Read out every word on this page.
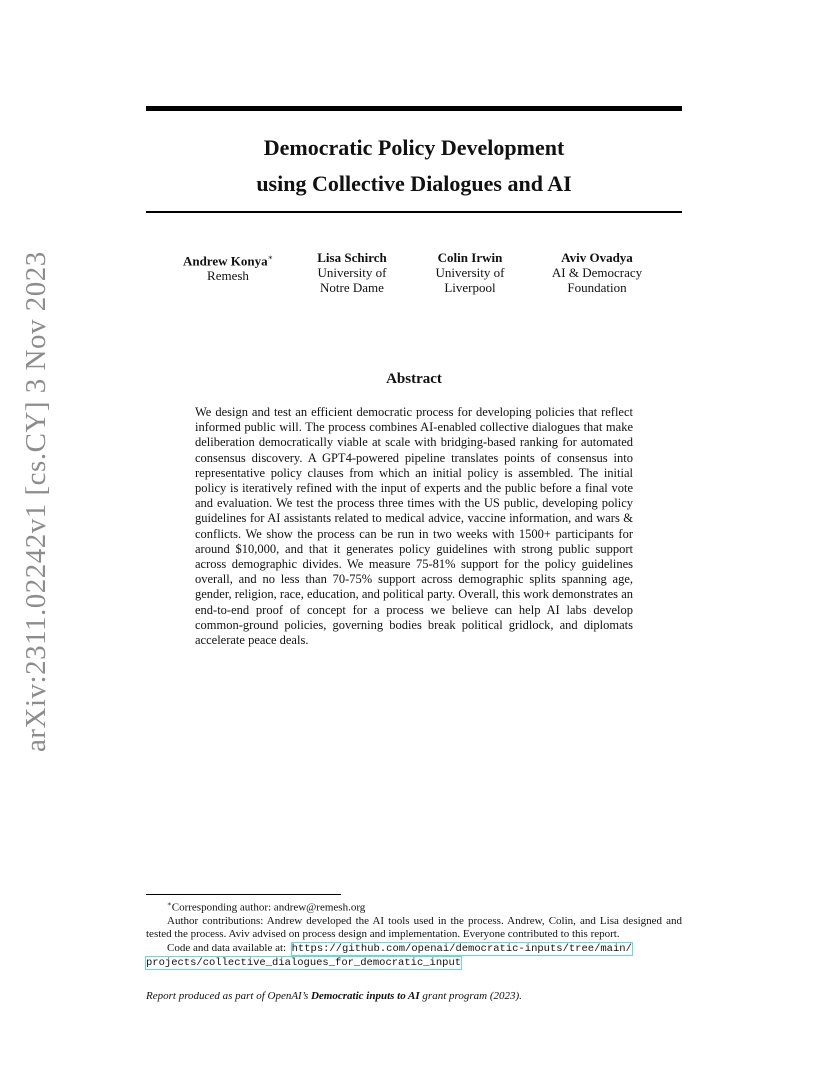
arXiv:2311.02242v1 [cs.CY] 3 Nov 2023
Democratic Policy Development
using Collective Dialogues and AI
Andrew Konya∗
Remesh
Lisa Schirch
University of
Notre Dame
Colin Irwin
University of
Liverpool
Aviv Ovadya
AI & Democracy
Foundation
Abstract
We design and test an efficient democratic process for developing policies that reflect informed public will. The process combines AI-enabled collective dialogues that make deliberation democratically viable at scale with bridging-based ranking for automated consensus discovery. A GPT4-powered pipeline translates points of consensus into representative policy clauses from which an initial policy is assembled. The initial policy is iteratively refined with the input of experts and the public before a final vote and evaluation. We test the process three times with the US public, developing policy guidelines for AI assistants related to medical advice, vaccine information, and wars & conflicts. We show the process can be run in two weeks with 1500+ participants for around $10,000, and that it generates policy guidelines with strong public support across demographic divides. We measure 75-81% support for the policy guidelines overall, and no less than 70-75% support across demographic splits spanning age, gender, religion, race, education, and political party. Overall, this work demonstrates an end-to-end proof of concept for a process we believe can help AI labs develop common-ground policies, governing bodies break political gridlock, and diplomats accelerate peace deals.

∗Corresponding author: andrew@remesh.org

Author contributions: Andrew developed the AI tools used in the process. Andrew, Colin, and Lisa designed and tested the process. Aviv advised on process design and implementation. Everyone contributed to this report.

Code and data available at: https://github.com/openai/democratic-inputs/tree/main/

projects/collective_dialogues_for_democratic_input

Report produced as part of OpenAI’s Democratic inputs to AI grant program (2023).
